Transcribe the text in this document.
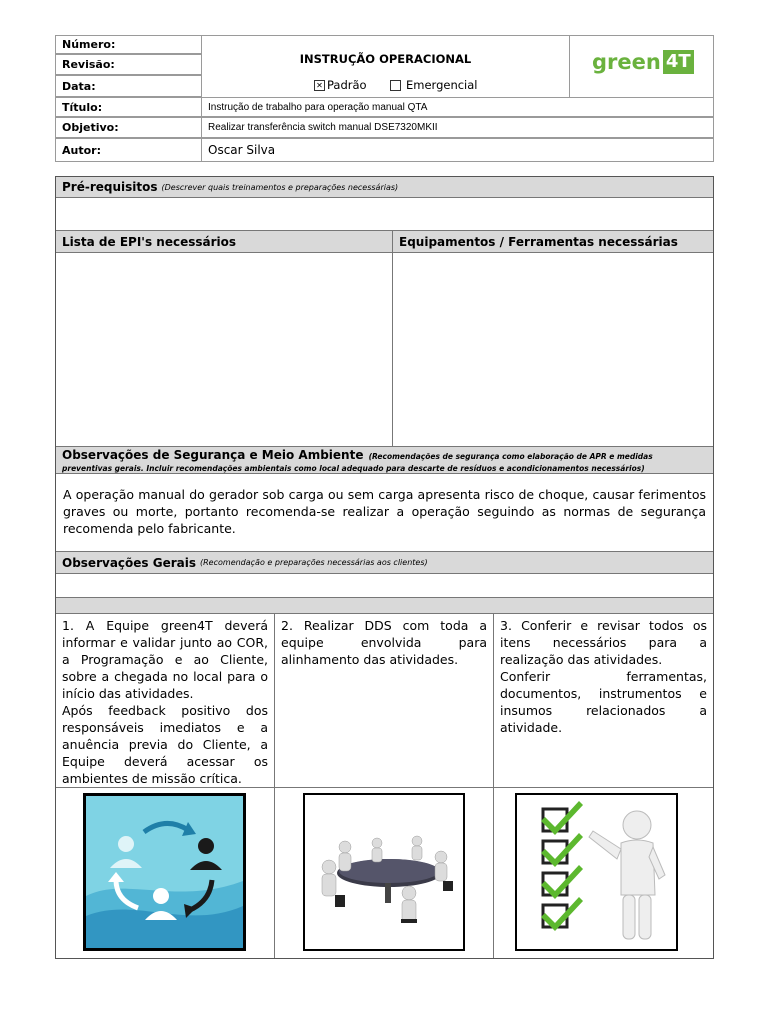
Número:
Revisão:
Data:
Título:
Objetivo:
Autor:
INSTRUÇÃO OPERACIONAL
✕ Padrão	Emergencial
green 4T
Instrução de trabalho para operação manual QTA
Realizar transferência switch manual DSE7320MKII
Oscar Silva
Pré-requisitos (Descrever quais treinamentos e preparações necessárias)
Lista de EPI's necessários	Equipamentos / Ferramentas necessárias
Observações de Segurança e Meio Ambiente (Recomendações de segurança como elaboração de APR e medidas
preventivas gerais. Incluir recomendações ambientais como local adequado para descarte de resíduos e acondicionamentos necessários)

A operação manual do gerador sob carga ou sem carga apresenta risco de choque, causar ferimentos graves ou morte, portanto recomenda-se realizar a operação seguindo as normas de segurança recomenda pelo fabricante.

Observações Gerais (Recomendação e preparações necessárias aos clientes)

1. A Equipe green4T deverá informar e validar junto ao COR, a Programação e ao Cliente, sobre a chegada no local para o início das atividades.

Após feedback positivo dos responsáveis imediatos e a anuência previa do Cliente, a Equipe deverá acessar os ambientes de missão crítica.

2. Realizar DDS com toda a equipe envolvida para alinhamento das atividades.

3. Conferir e revisar todos os itens necessários para a realização das atividades.

Conferir ferramentas, documentos, instrumentos e insumos relacionados a atividade.
